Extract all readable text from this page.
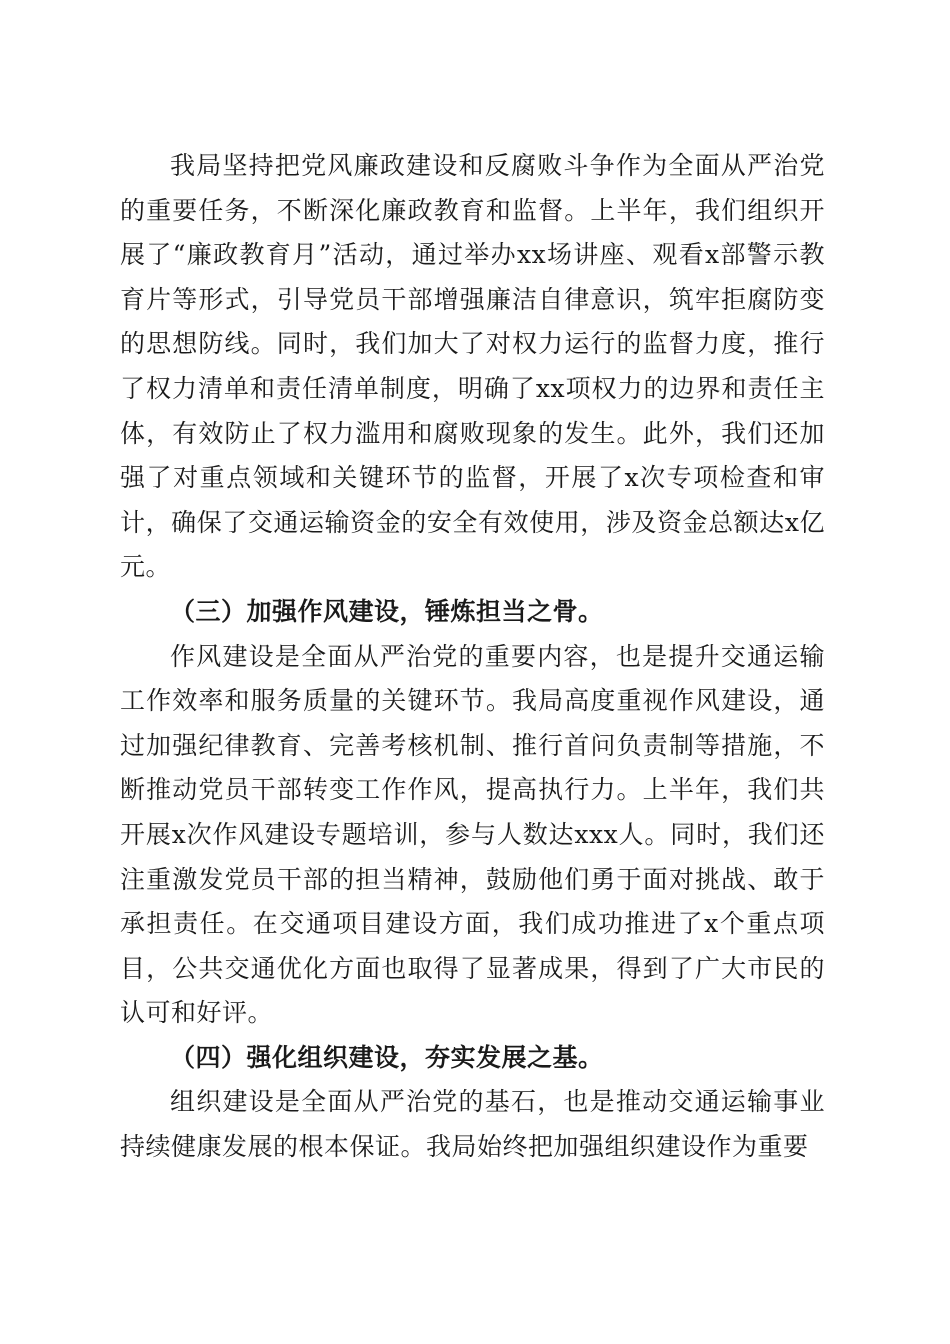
我局坚持把党风廉政建设和反腐败斗争作为全面从严治党的重要任务，不断深化廉政教育和监督。上半年，我们组织开展了“廉政教育月”活动，通过举办xx场讲座、观看x部警示教育片等形式，引导党员干部增强廉洁自律意识，筑牢拒腐防变的思想防线。同时，我们加大了对权力运行的监督力度，推行了权力清单和责任清单制度，明确了xx项权力的边界和责任主体，有效防止了权力滥用和腐败现象的发生。此外，我们还加强了对重点领域和关键环节的监督，开展了x次专项检查和审计，确保了交通运输资金的安全有效使用，涉及资金总额达x亿元。

（三）加强作风建设，锤炼担当之骨。

作风建设是全面从严治党的重要内容，也是提升交通运输工作效率和服务质量的关键环节。我局高度重视作风建设，通过加强纪律教育、完善考核机制、推行首问负责制等措施，不断推动党员干部转变工作作风，提高执行力。上半年，我们共开展x次作风建设专题培训，参与人数达xxx人。同时，我们还注重激发党员干部的担当精神，鼓励他们勇于面对挑战、敢于承担责任。在交通项目建设方面，我们成功推进了x个重点项目，公共交通优化方面也取得了显著成果，得到了广大市民的认可和好评。

（四）强化组织建设，夯实发展之基。

组织建设是全面从严治党的基石，也是推动交通运输事业持续健康发展的根本保证。我局始终把加强组织建设作为重要
